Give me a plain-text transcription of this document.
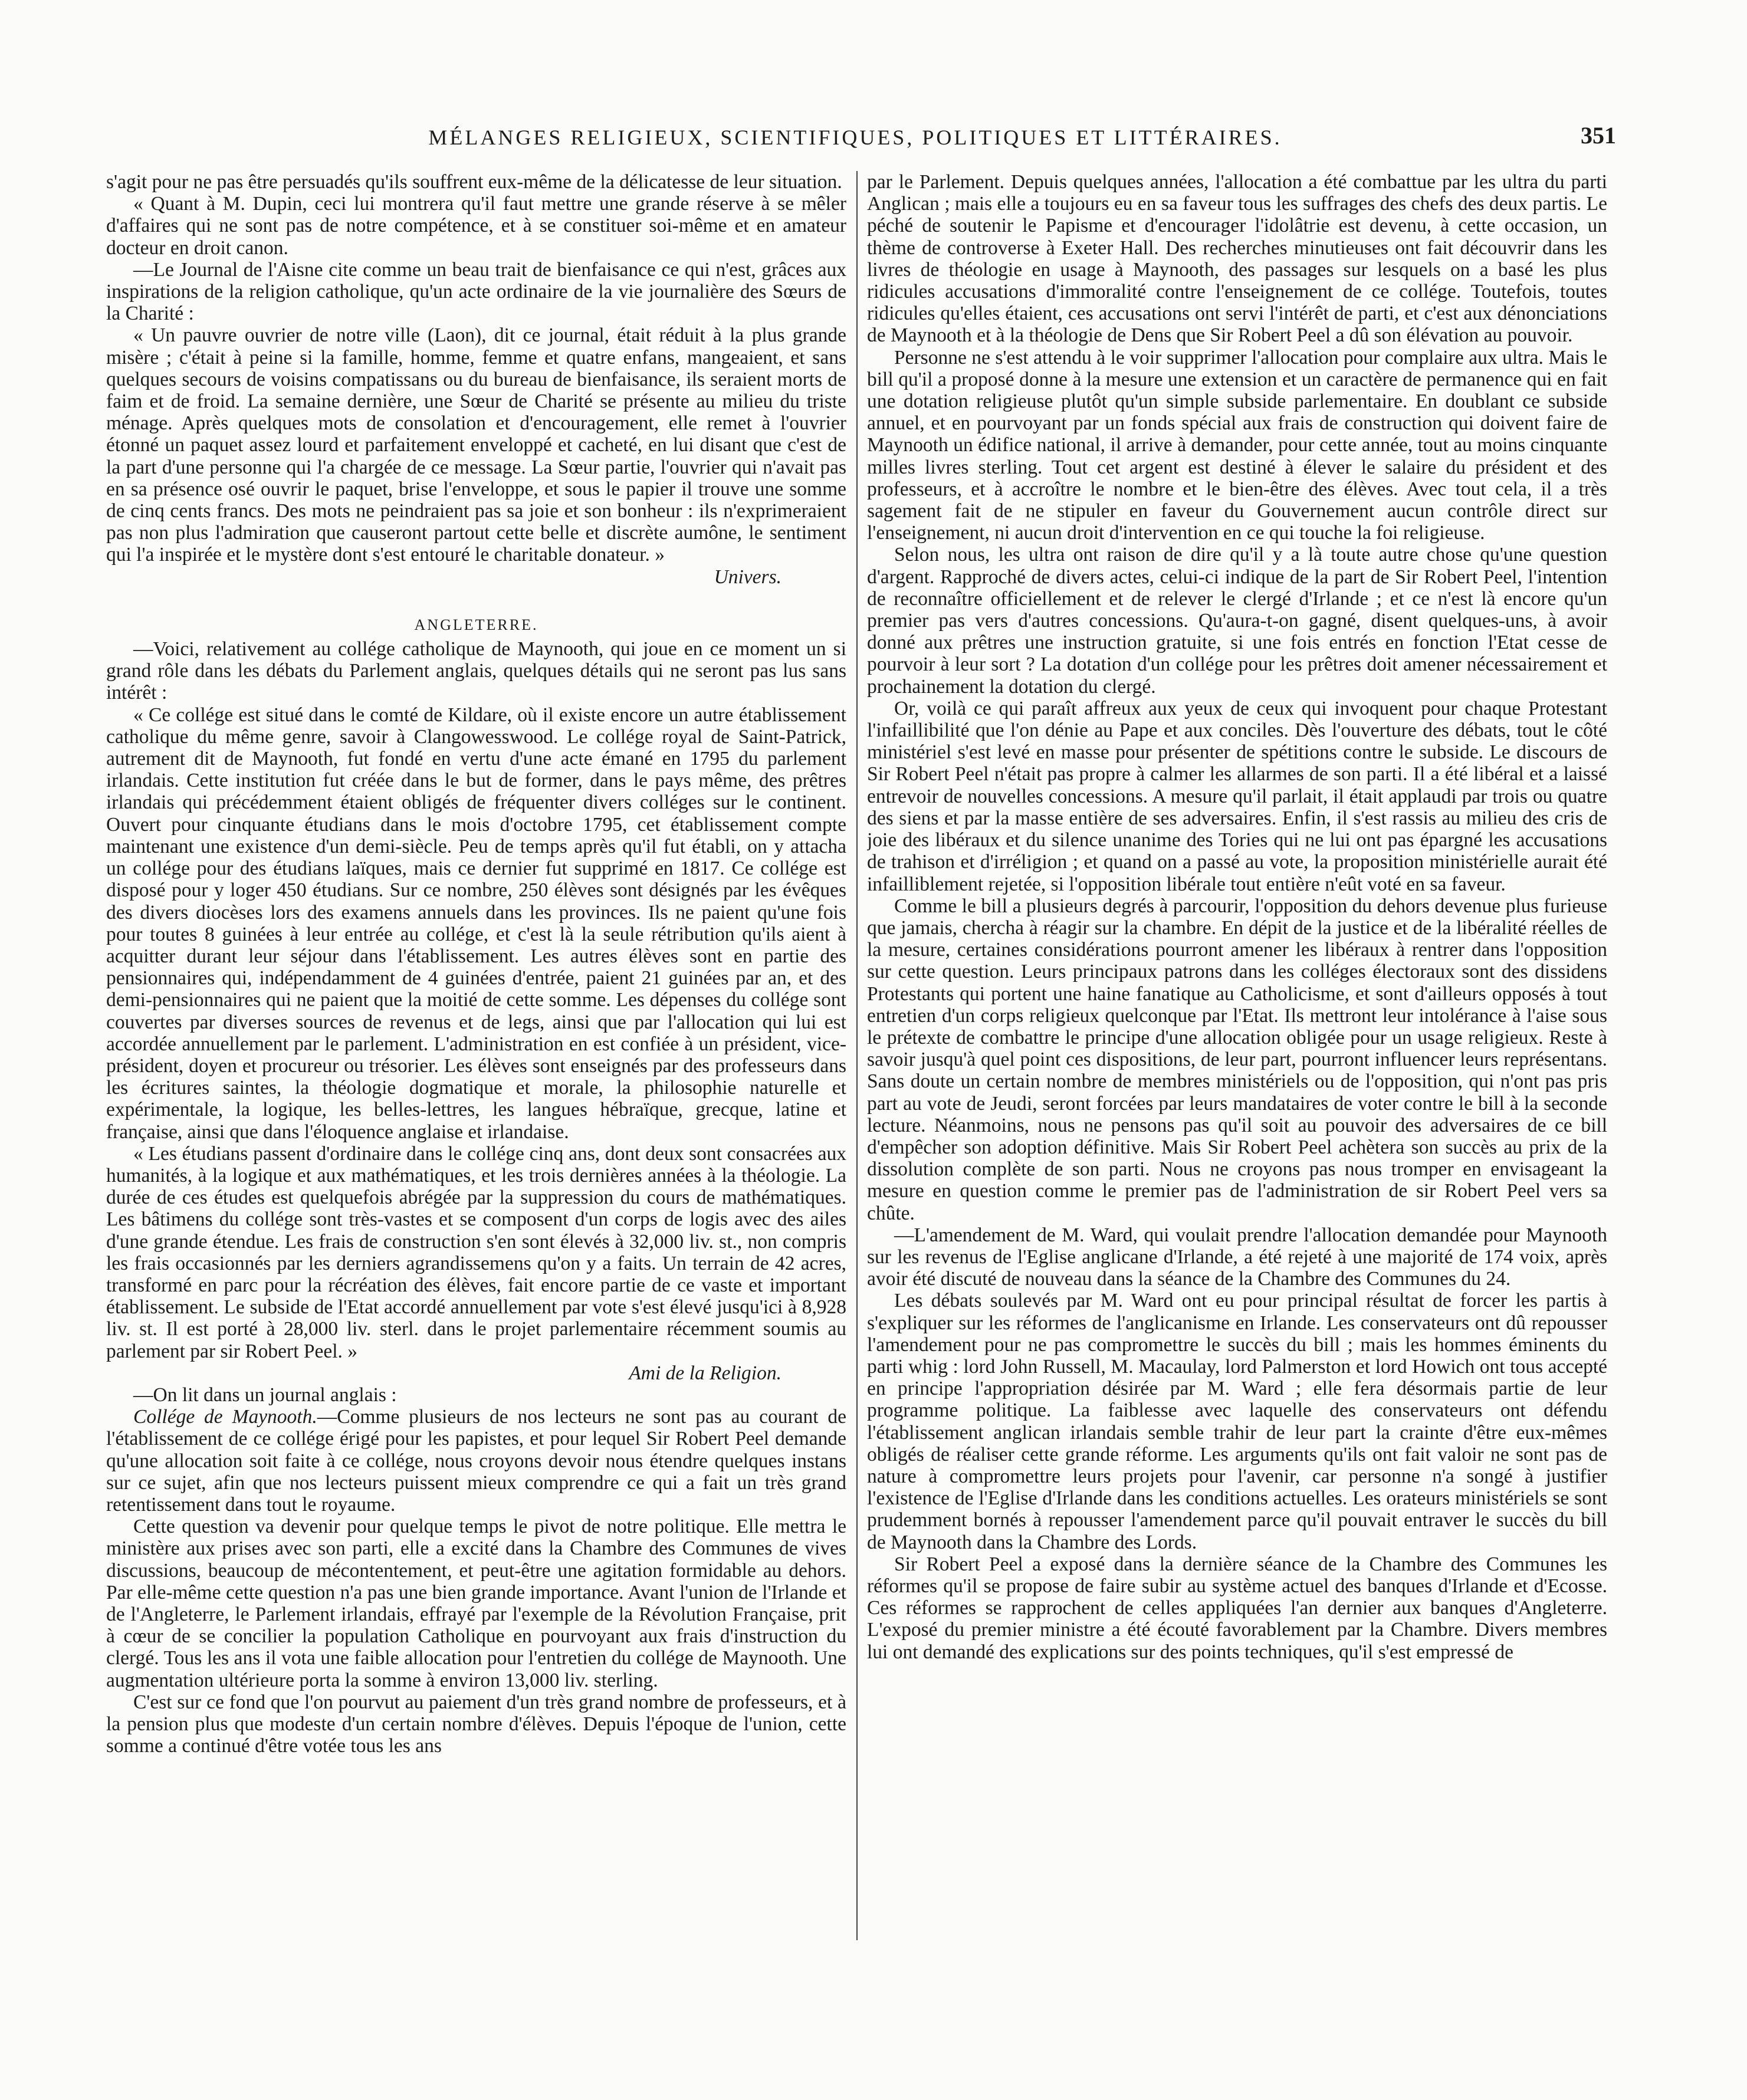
MÉLANGES RELIGIEUX, SCIENTIFIQUES, POLITIQUES ET LITTÉRAIRES.	351

s'agit pour ne pas être persuadés qu'ils souffrent eux-même de la délicatesse de leur situation.

« Quant à M. Dupin, ceci lui montrera qu'il faut mettre une grande réserve à se mêler d'affaires qui ne sont pas de notre compétence, et à se constituer soi-même et en amateur docteur en droit canon.

—Le Journal de l'Aisne cite comme un beau trait de bienfaisance ce qui n'est, grâces aux inspirations de la religion catholique, qu'un acte ordinaire de la vie journalière des Sœurs de la Charité :

« Un pauvre ouvrier de notre ville (Laon), dit ce journal, était réduit à la plus grande misère ; c'était à peine si la famille, homme, femme et quatre enfans, mangeaient, et sans quelques secours de voisins compatissans ou du bureau de bienfaisance, ils seraient morts de faim et de froid. La semaine dernière, une Sœur de Charité se présente au milieu du triste ménage. Après quelques mots de consolation et d'encouragement, elle remet à l'ouvrier étonné un paquet assez lourd et parfaitement enveloppé et cacheté, en lui disant que c'est de la part d'une personne qui l'a chargée de ce message. La Sœur partie, l'ouvrier qui n'avait pas en sa présence osé ouvrir le paquet, brise l'enveloppe, et sous le papier il trouve une somme de cinq cents francs. Des mots ne peindraient pas sa joie et son bonheur : ils n'exprimeraient pas non plus l'admiration que causeront partout cette belle et discrète aumône, le sentiment qui l'a inspirée et le mystère dont s'est entouré le charitable donateur. »

Univers.

ANGLETERRE.

—Voici, relativement au collége catholique de Maynooth, qui joue en ce moment un si grand rôle dans les débats du Parlement anglais, quelques détails qui ne seront pas lus sans intérêt :

« Ce collége est situé dans le comté de Kildare, où il existe encore un autre établissement catholique du même genre, savoir à Clangowesswood. Le collége royal de Saint-Patrick, autrement dit de Maynooth, fut fondé en vertu d'une acte émané en 1795 du parlement irlandais. Cette institution fut créée dans le but de former, dans le pays même, des prêtres irlandais qui précédemment étaient obligés de fréquenter divers colléges sur le continent. Ouvert pour cinquante étudians dans le mois d'octobre 1795, cet établissement compte maintenant une existence d'un demi-siècle. Peu de temps après qu'il fut établi, on y attacha un collége pour des étudians laïques, mais ce dernier fut supprimé en 1817. Ce collége est disposé pour y loger 450 étudians. Sur ce nombre, 250 élèves sont désignés par les évêques des divers diocèses lors des examens annuels dans les provinces. Ils ne paient qu'une fois pour toutes 8 guinées à leur entrée au collége, et c'est là la seule rétribution qu'ils aient à acquitter durant leur séjour dans l'établissement. Les autres élèves sont en partie des pensionnaires qui, indépendamment de 4 guinées d'entrée, paient 21 guinées par an, et des demi-pensionnaires qui ne paient que la moitié de cette somme. Les dépenses du collége sont couvertes par diverses sources de revenus et de legs, ainsi que par l'allocation qui lui est accordée annuellement par le parlement. L'administration en est confiée à un président, vice-président, doyen et procureur ou trésorier. Les élèves sont enseignés par des professeurs dans les écritures saintes, la théologie dogmatique et morale, la philosophie naturelle et expérimentale, la logique, les belles-lettres, les langues hébraïque, grecque, latine et française, ainsi que dans l'éloquence anglaise et irlandaise.

« Les étudians passent d'ordinaire dans le collége cinq ans, dont deux sont consacrées aux humanités, à la logique et aux mathématiques, et les trois dernières années à la théologie. La durée de ces études est quelquefois abrégée par la suppression du cours de mathématiques. Les bâtimens du collége sont très-vastes et se composent d'un corps de logis avec des ailes d'une grande étendue. Les frais de construction s'en sont élevés à 32,000 liv. st., non compris les frais occasionnés par les derniers agrandissemens qu'on y a faits. Un terrain de 42 acres, transformé en parc pour la récréation des élèves, fait encore partie de ce vaste et important établissement. Le subside de l'Etat accordé annuellement par vote s'est élevé jusqu'ici à 8,928 liv. st. Il est porté à 28,000 liv. sterl. dans le projet parlementaire récemment soumis au parlement par sir Robert Peel. »

Ami de la Religion.

—On lit dans un journal anglais :

Collége de Maynooth.—Comme plusieurs de nos lecteurs ne sont pas au courant de l'établissement de ce collége érigé pour les papistes, et pour lequel Sir Robert Peel demande qu'une allocation soit faite à ce collége, nous croyons devoir nous étendre quelques instans sur ce sujet, afin que nos lecteurs puissent mieux comprendre ce qui a fait un très grand retentissement dans tout le royaume.

Cette question va devenir pour quelque temps le pivot de notre politique. Elle mettra le ministère aux prises avec son parti, elle a excité dans la Chambre des Communes de vives discussions, beaucoup de mécontentement, et peut-être une agitation formidable au dehors. Par elle-même cette question n'a pas une bien grande importance. Avant l'union de l'Irlande et de l'Angleterre, le Parlement irlandais, effrayé par l'exemple de la Révolution Française, prit à cœur de se concilier la population Catholique en pourvoyant aux frais d'instruction du clergé. Tous les ans il vota une faible allocation pour l'entretien du collége de Maynooth. Une augmentation ultérieure porta la somme à environ 13,000 liv. sterling.

C'est sur ce fond que l'on pourvut au paiement d'un très grand nombre de professeurs, et à la pension plus que modeste d'un certain nombre d'élèves. Depuis l'époque de l'union, cette somme a continué d'être votée tous les ans

par le Parlement. Depuis quelques années, l'allocation a été combattue par les ultra du parti Anglican ; mais elle a toujours eu en sa faveur tous les suffrages des chefs des deux partis. Le péché de soutenir le Papisme et d'encourager l'idolâtrie est devenu, à cette occasion, un thème de controverse à Exeter Hall. Des recherches minutieuses ont fait découvrir dans les livres de théologie en usage à Maynooth, des passages sur lesquels on a basé les plus ridicules accusations d'immoralité contre l'enseignement de ce collége. Toutefois, toutes ridicules qu'elles étaient, ces accusations ont servi l'intérêt de parti, et c'est aux dénonciations de Maynooth et à la théologie de Dens que Sir Robert Peel a dû son élévation au pouvoir.

Personne ne s'est attendu à le voir supprimer l'allocation pour complaire aux ultra. Mais le bill qu'il a proposé donne à la mesure une extension et un caractère de permanence qui en fait une dotation religieuse plutôt qu'un simple subside parlementaire. En doublant ce subside annuel, et en pourvoyant par un fonds spécial aux frais de construction qui doivent faire de Maynooth un édifice national, il arrive à demander, pour cette année, tout au moins cinquante milles livres sterling. Tout cet argent est destiné à élever le salaire du président et des professeurs, et à accroître le nombre et le bien-être des élèves. Avec tout cela, il a très sagement fait de ne stipuler en faveur du Gouvernement aucun contrôle direct sur l'enseignement, ni aucun droit d'intervention en ce qui touche la foi religieuse.

Selon nous, les ultra ont raison de dire qu'il y a là toute autre chose qu'une question d'argent. Rapproché de divers actes, celui-ci indique de la part de Sir Robert Peel, l'intention de reconnaître officiellement et de relever le clergé d'Irlande ; et ce n'est là encore qu'un premier pas vers d'autres concessions. Qu'aura-t-on gagné, disent quelques-uns, à avoir donné aux prêtres une instruction gratuite, si une fois entrés en fonction l'Etat cesse de pourvoir à leur sort ? La dotation d'un collége pour les prêtres doit amener nécessairement et prochainement la dotation du clergé.

Or, voilà ce qui paraît affreux aux yeux de ceux qui invoquent pour chaque Protestant l'infaillibilité que l'on dénie au Pape et aux conciles. Dès l'ouverture des débats, tout le côté ministériel s'est levé en masse pour présenter de spétitions contre le subside. Le discours de Sir Robert Peel n'était pas propre à calmer les allarmes de son parti. Il a été libéral et a laissé entrevoir de nouvelles concessions. A mesure qu'il parlait, il était applaudi par trois ou quatre des siens et par la masse entière de ses adversaires. Enfin, il s'est rassis au milieu des cris de joie des libéraux et du silence unanime des Tories qui ne lui ont pas épargné les accusations de trahison et d'irréligion ; et quand on a passé au vote, la proposition ministérielle aurait été infailliblement rejetée, si l'opposition libérale tout entière n'eût voté en sa faveur.

Comme le bill a plusieurs degrés à parcourir, l'opposition du dehors devenue plus furieuse que jamais, chercha à réagir sur la chambre. En dépit de la justice et de la libéralité réelles de la mesure, certaines considérations pourront amener les libéraux à rentrer dans l'opposition sur cette question. Leurs principaux patrons dans les colléges électoraux sont des dissidens Protestants qui portent une haine fanatique au Catholicisme, et sont d'ailleurs opposés à tout entretien d'un corps religieux quelconque par l'Etat. Ils mettront leur intolérance à l'aise sous le prétexte de combattre le principe d'une allocation obligée pour un usage religieux. Reste à savoir jusqu'à quel point ces dispositions, de leur part, pourront influencer leurs représentans. Sans doute un certain nombre de membres ministériels ou de l'opposition, qui n'ont pas pris part au vote de Jeudi, seront forcées par leurs mandataires de voter contre le bill à la seconde lecture. Néanmoins, nous ne pensons pas qu'il soit au pouvoir des adversaires de ce bill d'empêcher son adoption définitive. Mais Sir Robert Peel achètera son succès au prix de la dissolution complète de son parti. Nous ne croyons pas nous tromper en envisageant la mesure en question comme le premier pas de l'administration de sir Robert Peel vers sa chûte.

—L'amendement de M. Ward, qui voulait prendre l'allocation demandée pour Maynooth sur les revenus de l'Eglise anglicane d'Irlande, a été rejeté à une majorité de 174 voix, après avoir été discuté de nouveau dans la séance de la Chambre des Communes du 24.

Les débats soulevés par M. Ward ont eu pour principal résultat de forcer les partis à s'expliquer sur les réformes de l'anglicanisme en Irlande. Les conservateurs ont dû repousser l'amendement pour ne pas compromettre le succès du bill ; mais les hommes éminents du parti whig : lord John Russell, M. Macaulay, lord Palmerston et lord Howich ont tous accepté en principe l'appropriation désirée par M. Ward ; elle fera désormais partie de leur programme politique. La faiblesse avec laquelle des conservateurs ont défendu l'établissement anglican irlandais semble trahir de leur part la crainte d'être eux-mêmes obligés de réaliser cette grande réforme. Les arguments qu'ils ont fait valoir ne sont pas de nature à compromettre leurs projets pour l'avenir, car personne n'a songé à justifier l'existence de l'Eglise d'Irlande dans les conditions actuelles. Les orateurs ministériels se sont prudemment bornés à repousser l'amendement parce qu'il pouvait entraver le succès du bill de Maynooth dans la Chambre des Lords.

Sir Robert Peel a exposé dans la dernière séance de la Chambre des Communes les réformes qu'il se propose de faire subir au système actuel des banques d'Irlande et d'Ecosse. Ces réformes se rapprochent de celles appliquées l'an dernier aux banques d'Angleterre. L'exposé du premier ministre a été écouté favorablement par la Chambre. Divers membres lui ont demandé des explications sur des points techniques, qu'il s'est empressé de
